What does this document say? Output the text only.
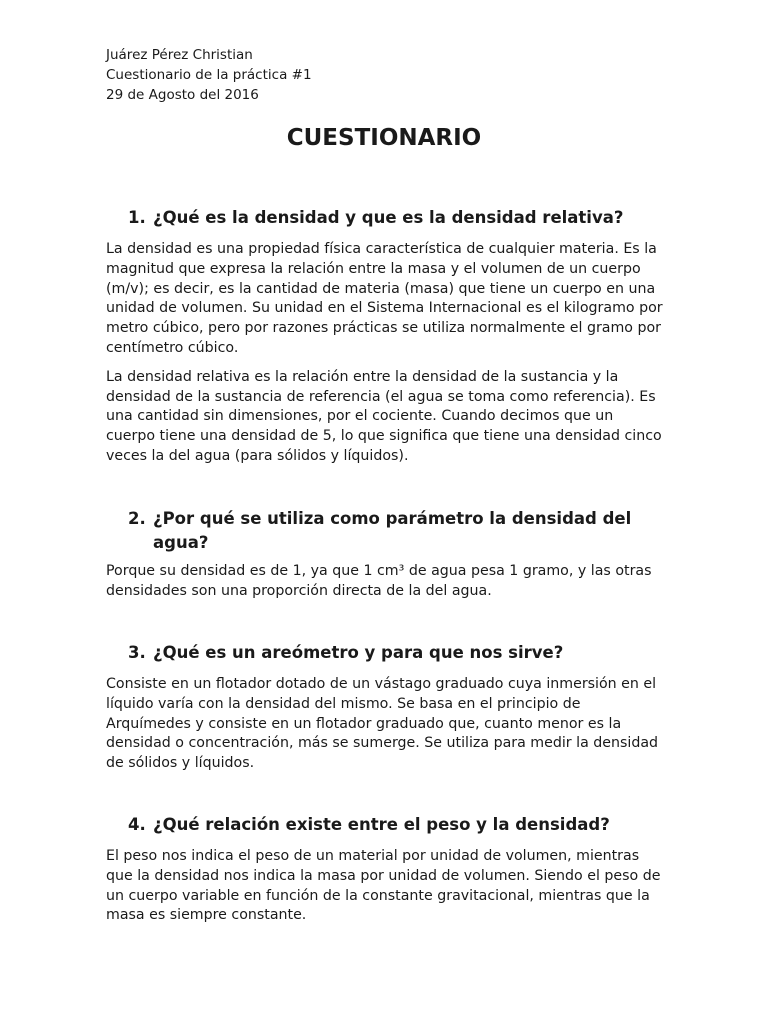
Juárez Pérez Christian
Cuestionario de la práctica #1
29 de Agosto del 2016
CUESTIONARIO
1. ¿Qué es la densidad y que es la densidad relativa?

La densidad es una propiedad física característica de cualquier materia. Es la magnitud que expresa la relación entre la masa y el volumen de un cuerpo (m/v); es decir, es la cantidad de materia (masa) que tiene un cuerpo en una unidad de volumen. Su unidad en el Sistema Internacional es el kilogramo por metro cúbico, pero por razones prácticas se utiliza normalmente el gramo por centímetro cúbico.

La densidad relativa es la relación entre la densidad de la sustancia y la densidad de la sustancia de referencia (el agua se toma como referencia). Es una cantidad sin dimensiones, por el cociente. Cuando decimos que un cuerpo tiene una densidad de 5, lo que significa que tiene una densidad cinco veces la del agua (para sólidos y líquidos).

2. ¿Por qué se utiliza como parámetro la densidad del agua?

Porque su densidad es de 1, ya que 1 cm³ de agua pesa 1 gramo, y las otras densidades son una proporción directa de la del agua.

3. ¿Qué es un areómetro y para que nos sirve?

Consiste en un flotador dotado de un vástago graduado cuya inmersión en el líquido varía con la densidad del mismo. Se basa en el principio de Arquímedes y consiste en un flotador graduado que, cuanto menor es la densidad o concentración, más se sumerge. Se utiliza para medir la densidad de sólidos y líquidos.

4. ¿Qué relación existe entre el peso y la densidad?

El peso nos indica el peso de un material por unidad de volumen, mientras que la densidad nos indica la masa por unidad de volumen. Siendo el peso de un cuerpo variable en función de la constante gravitacional, mientras que la masa es siempre constante.
